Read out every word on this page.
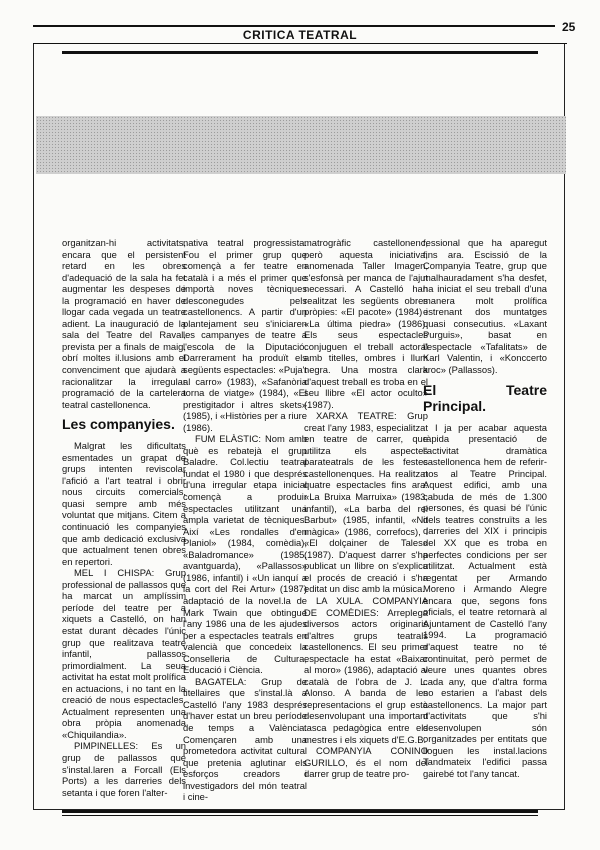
25
CRITICA TEATRAL

organitzan-hi activitats, encara que el persistent retard en les obres d'adequació de la sala ha fet augmentar les despeses de la programació en haver de llogar cada vegada un teatre adient. La inauguració de la sala del Teatre del Raval, prevista per a finals de maig, obrí moltes il.lusions amb el convenciment que ajudarà a racionalitzar la irregular programació de la cartelera teatral castellonenca.

Les companyies.

Malgrat les dificultats esmentades un grapat de grups intenten reviscolar l'afició a l'art teatral i obrir nous circuits comercials, quasi sempre amb més voluntat que mitjans. Citem a continuació les companyies que amb dedicació exclusiva que actualment tenen obres en repertori.

MEL I CHISPA: Grup professional de pallassos que ha marcat un amplíssim període del teatre per a xiquets a Castelló, on han estat durant dècades l'únic grup que realitzava teatre infantil, pallassos primordialment. La seua activitat ha estat molt prolífica en actuacions, i no tant en la creació de nous espectacles. Actualment representen una obra pròpia anomenada «Chiquilandia».

PIMPINELLES: Es un grup de pallassos que s'instal.laren a Forcall (Els Ports) a les darreries dels setanta i que foren l'alter-

nativa teatral progressista. Fou el primer grup que començà a fer teatre en català i a més el primer que importà noves tècniques desconegudes pels castellonencs. A partir d'un plantejament seu s'iniciaren les campanyes de teatre a l'escola de la Diputació. Darrerament ha produït els següents espectacles: «Puja't al carro» (1983), «Safanòria torna de viatge» (1984), «El prestigitador i altres skets» (1985), i «Històries per a riure (1986).

FUM ELÀSTIC: Nom amb què es rebatejà el grup Baladre. Col.lectiu teatral fundat el 1980 i que després d'una irregular etapa inicial començà a produir espectacles utilitzant una ampla varietat de tècniques. Així «Les rondalles d'en Planiol» (1984, comèdia), «Baladromance» (1985, avantguarda), «Pallassos» (1986, infantil) i «Un ianquí a la cort del Rei Artur» (1987) adaptació de la novel.la de Mark Twain que obtingué l'any 1986 una de les ajudes per a espectacles teatrals en valencià que concedeix la Conselleria de Cultura, Educació i Ciència.

BAGATELA: Grup de titellaires que s'instal.là a Castelló l'any 1983 després d'haver estat un breu període de temps a València. Començaren amb una prometedora activitat cultural que pretenia aglutinar els esforços creadors i investigadors del món teatral i cine-

matrogràfic castellonenc, però aquesta iniciativa, anomenada Taller Imagen, s'esfonsà per manca de l'ajut necessari. A Castelló han realitzat les següents obres pròpies: «El pacote» (1984) i «La última piedra» (1986). Els seus espectacles conjuguen el treball actoral amb titelles, ombres i llum negra. Una mostra clara d'aquest treball es troba en el seu llibre «El actor oculto» (1987).

XARXA TEATRE: Grup creat l'any 1983, especialitzat en teatre de carrer, que utilitza els aspectes parateatrals de les festes castellonenques. Ha realitzat quatre espectacles fins ara: «La Bruixa Marruixa» (1983, infantil), «La barba del rei Barbut» (1985, infantil, «Nit màgica» (1986, correfocs), i «El dolçainer de Tales» (1987). D'aquest darrer s'ha publicat un llibre on s'explica el procés de creació i s'ha editat un disc amb la música.

LA XULA. COMPANYIA DE COMÈDIES: Arreplega diversos actors originaris d'altres grups teatrals castellonencs. El seu primer espectacle ha estat «Baixar al moro» (1986), adaptació al català de l'obra de J. L. Alonso. A banda de les representacions el grup està desenvolupant una important tasca pedagògica entre els mestres i els xiquets d'E.G.B.

COMPANYIA CONINO GURILLO, és el nom del darrer grup de teatre pro-

fessional que ha aparegut fins ara. Escissió de la Companyia Teatre, grup que malhauradament s'ha desfet, ha iniciat el seu treball d'una manera molt prolífica estrenant dos muntatges quasi consecutius. «Laxant Purguis», basat en l'espectacle «Tafalitats» de Karl Valentin, i «Konccerto kroc» (Pallassos).

El Teatre Principal.

I ja per acabar aquesta ràpida presentació de l'activitat dramàtica castellonenca hem de referir-nos al Teatre Principal. Aquest edifici, amb una cabuda de més de 1.300 persones, és quasi bé l'únic dels teatres construïts a les darreries del XIX i principis del XX que es troba en perfectes condicions per ser utilitzat. Actualment està regentat per Armando Moreno i Armando Alegre encara que, segons fons oficials, el teatre retornarà al Ajuntament de Castelló l'any 1994. La programació d'aquest teatre no té continuitat, però permet de veure unes quantes obres cada any, que d'altra forma no estarien a l'abast dels castellonencs. La major part d'activitats que s'hi desenvolupen són organitzades per entitats que lloguen les instal.lacions Tandmateix l'edifici passa gairebé tot l'any tancat.
